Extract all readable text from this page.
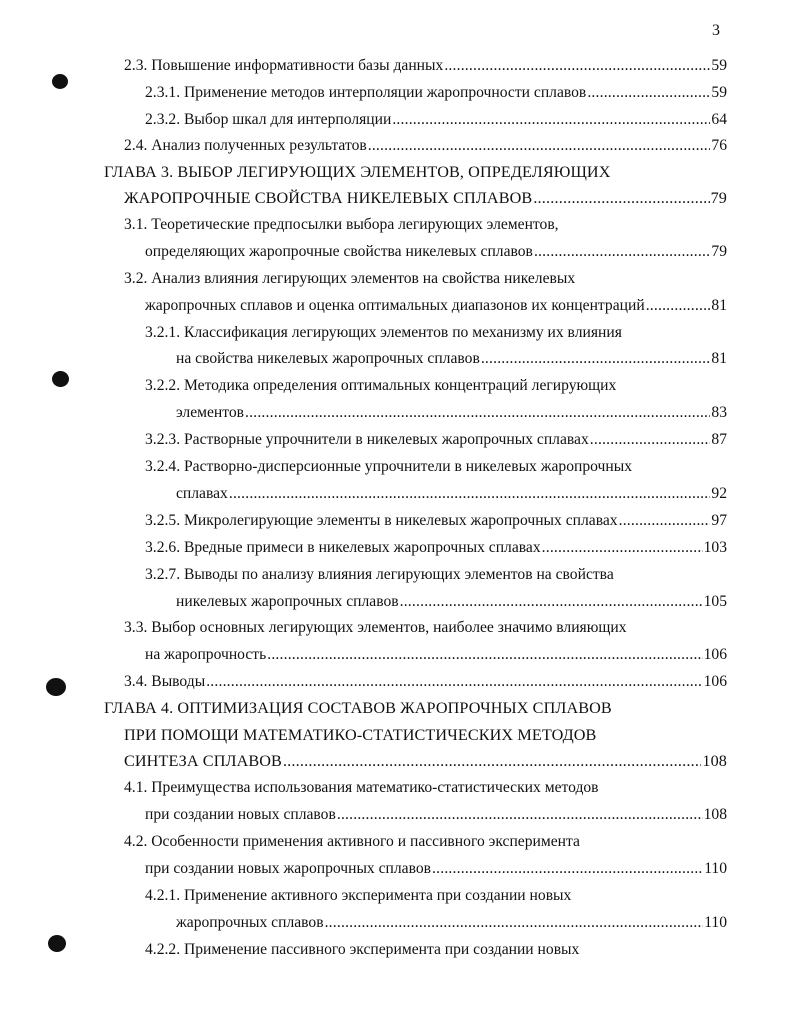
3
2.3. Повышение информативности базы данных .....	59
2.3.1. Применение методов интерполяции жаропрочности сплавов .....	59
2.3.2. Выбор шкал для интерполяции .....	64
2.4. Анализ полученных результатов .....	76
ГЛАВА 3. ВЫБОР ЛЕГИРУЮЩИХ ЭЛЕМЕНТОВ, ОПРЕДЕЛЯЮЩИХ
ЖАРОПРОЧНЫЕ СВОЙСТВА НИКЕЛЕВЫХ СПЛАВОВ .....	79
3.1. Теоретические предпосылки выбора легирующих элементов,
определяющих жаропрочные свойства никелевых сплавов .....	79
3.2. Анализ влияния легирующих элементов на свойства никелевых
жаропрочных сплавов и оценка оптимальных диапазонов их концентраций .....	81
3.2.1. Классификация легирующих элементов по механизму их влияния
на свойства никелевых жаропрочных сплавов .....	81
3.2.2. Методика определения оптимальных концентраций легирующих
элементов .....	83
3.2.3. Растворные упрочнители в никелевых жаропрочных сплавах .....	87
3.2.4. Растворно-дисперсионные упрочнители в никелевых жаропрочных
сплавах .....	92
3.2.5. Микролегирующие элементы в никелевых жаропрочных сплавах .....	97
3.2.6. Вредные примеси в никелевых жаропрочных сплавах .....	103
3.2.7. Выводы по анализу влияния легирующих элементов на свойства
никелевых жаропрочных сплавов .....	105
3.3. Выбор основных легирующих элементов, наиболее значимо влияющих
на жаропрочность .....	106
3.4. Выводы .....	106
ГЛАВА 4. ОПТИМИЗАЦИЯ СОСТАВОВ ЖАРОПРОЧНЫХ СПЛАВОВ
ПРИ ПОМОЩИ МАТЕМАТИКО-СТАТИСТИЧЕСКИХ МЕТОДОВ
СИНТЕЗА СПЛАВОВ .....	108
4.1. Преимущества использования математико-статистических методов
при создании новых сплавов .....	108
4.2. Особенности применения активного и пассивного эксперимента
при создании новых жаропрочных сплавов .....	110
4.2.1. Применение активного эксперимента при создании новых
жаропрочных сплавов .....	110
4.2.2. Применение пассивного эксперимента при создании новых
